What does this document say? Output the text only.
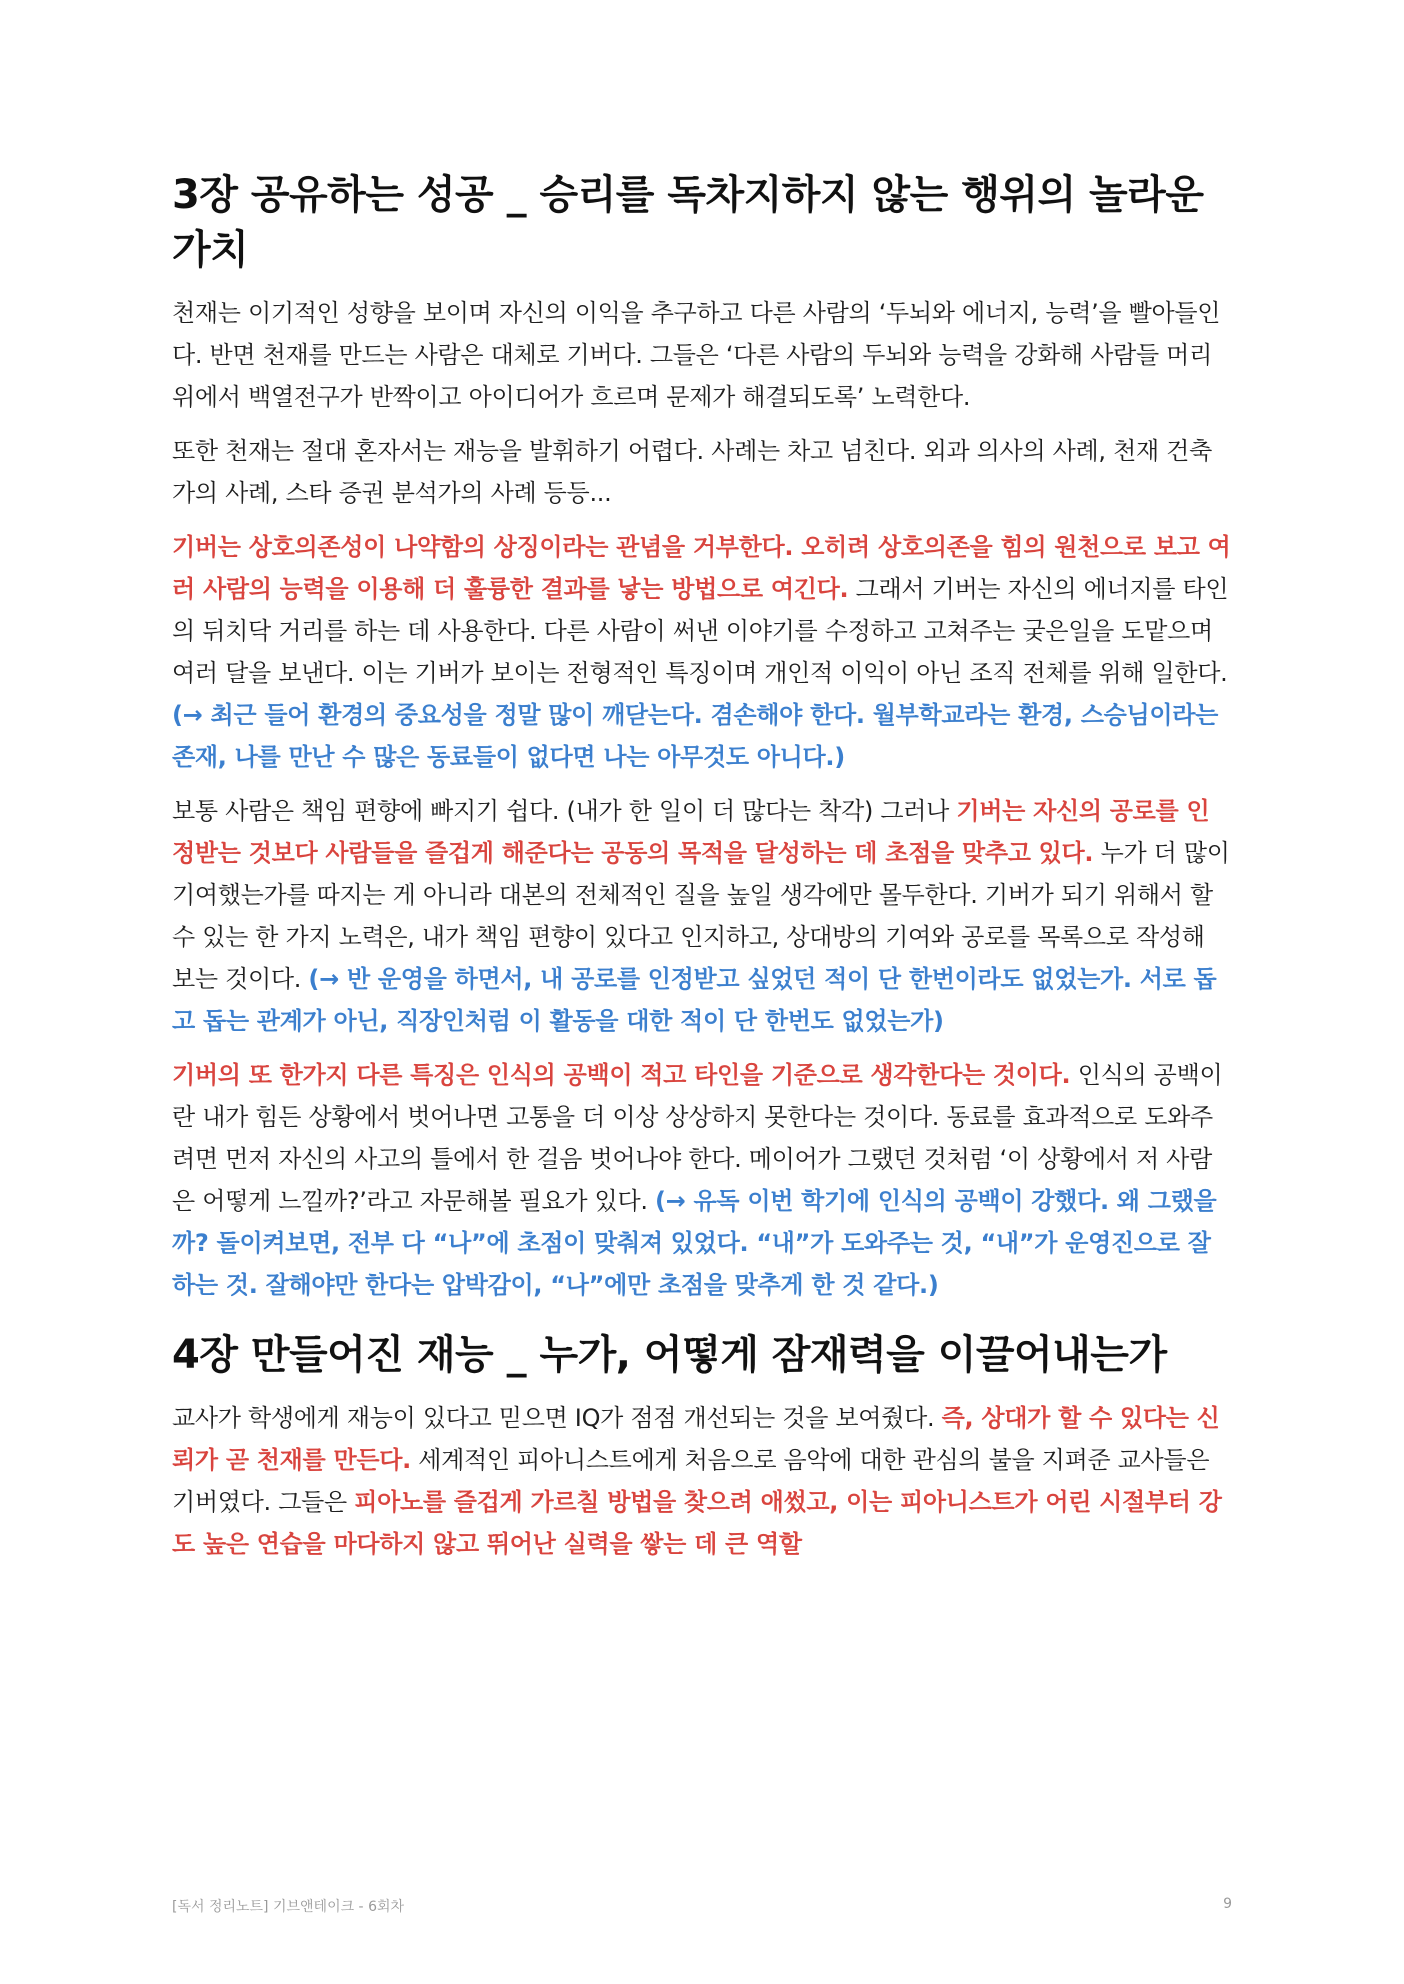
3장 공유하는 성공 _ 승리를 독차지하지 않는 행위의 놀라운 가치

천재는 이기적인 성향을 보이며 자신의 이익을 추구하고 다른 사람의 ‘두뇌와 에너지, 능력’을 빨아들인다. 반면 천재를 만드는 사람은 대체로 기버다. 그들은 ‘다른 사람의 두뇌와 능력을 강화해 사람들 머리 위에서 백열전구가 반짝이고 아이디어가 흐르며 문제가 해결되도록’ 노력한다.

또한 천재는 절대 혼자서는 재능을 발휘하기 어렵다. 사례는 차고 넘친다. 외과 의사의 사례, 천재 건축가의 사례, 스타 증권 분석가의 사례 등등...

기버는 상호의존성이 나약함의 상징이라는 관념을 거부한다. 오히려 상호의존을 힘의 원천으로 보고 여러 사람의 능력을 이용해 더 훌륭한 결과를 낳는 방법으로 여긴다. 그래서 기버는 자신의 에너지를 타인의 뒤치닥 거리를 하는 데 사용한다. 다른 사람이 써낸 이야기를 수정하고 고쳐주는 궂은일을 도맡으며 여러 달을 보낸다. 이는 기버가 보이는 전형적인 특징이며 개인적 이익이 아닌 조직 전체를 위해 일한다. (→ 최근 들어 환경의 중요성을 정말 많이 깨닫는다. 겸손해야 한다. 월부학교라는 환경, 스승님이라는 존재, 나를 만난 수 많은 동료들이 없다면 나는 아무것도 아니다.)

보통 사람은 책임 편향에 빠지기 쉽다. (내가 한 일이 더 많다는 착각) 그러나 기버는 자신의 공로를 인정받는 것보다 사람들을 즐겁게 해준다는 공동의 목적을 달성하는 데 초점을 맞추고 있다. 누가 더 많이 기여했는가를 따지는 게 아니라 대본의 전체적인 질을 높일 생각에만 몰두한다. 기버가 되기 위해서 할 수 있는 한 가지 노력은, 내가 책임 편향이 있다고 인지하고, 상대방의 기여와 공로를 목록으로 작성해 보는 것이다. (→ 반 운영을 하면서, 내 공로를 인정받고 싶었던 적이 단 한번이라도 없었는가. 서로 돕고 돕는 관계가 아닌, 직장인처럼 이 활동을 대한 적이 단 한번도 없었는가)

기버의 또 한가지 다른 특징은 인식의 공백이 적고 타인을 기준으로 생각한다는 것이다. 인식의 공백이란 내가 힘든 상황에서 벗어나면 고통을 더 이상 상상하지 못한다는 것이다. 동료를 효과적으로 도와주려면 먼저 자신의 사고의 틀에서 한 걸음 벗어나야 한다. 메이어가 그랬던 것처럼 ‘이 상황에서 저 사람은 어떻게 느낄까?’라고 자문해볼 필요가 있다. (→ 유독 이번 학기에 인식의 공백이 강했다. 왜 그랬을까? 돌이켜보면, 전부 다 “나”에 초점이 맞춰져 있었다. “내”가 도와주는 것, “내”가 운영진으로 잘하는 것. 잘해야만 한다는 압박감이, “나”에만 초점을 맞추게 한 것 같다.)

4장 만들어진 재능 _ 누가, 어떻게 잠재력을 이끌어내는가

교사가 학생에게 재능이 있다고 믿으면 IQ가 점점 개선되는 것을 보여줬다. 즉, 상대가 할 수 있다는 신뢰가 곧 천재를 만든다. 세계적인 피아니스트에게 처음으로 음악에 대한 관심의 불을 지펴준 교사들은 기버였다. 그들은 피아노를 즐겁게 가르칠 방법을 찾으려 애썼고, 이는 피아니스트가 어린 시절부터 강도 높은 연습을 마다하지 않고 뛰어난 실력을 쌓는 데 큰 역할

[독서 정리노트] 기브앤테이크 - 6회차	9
